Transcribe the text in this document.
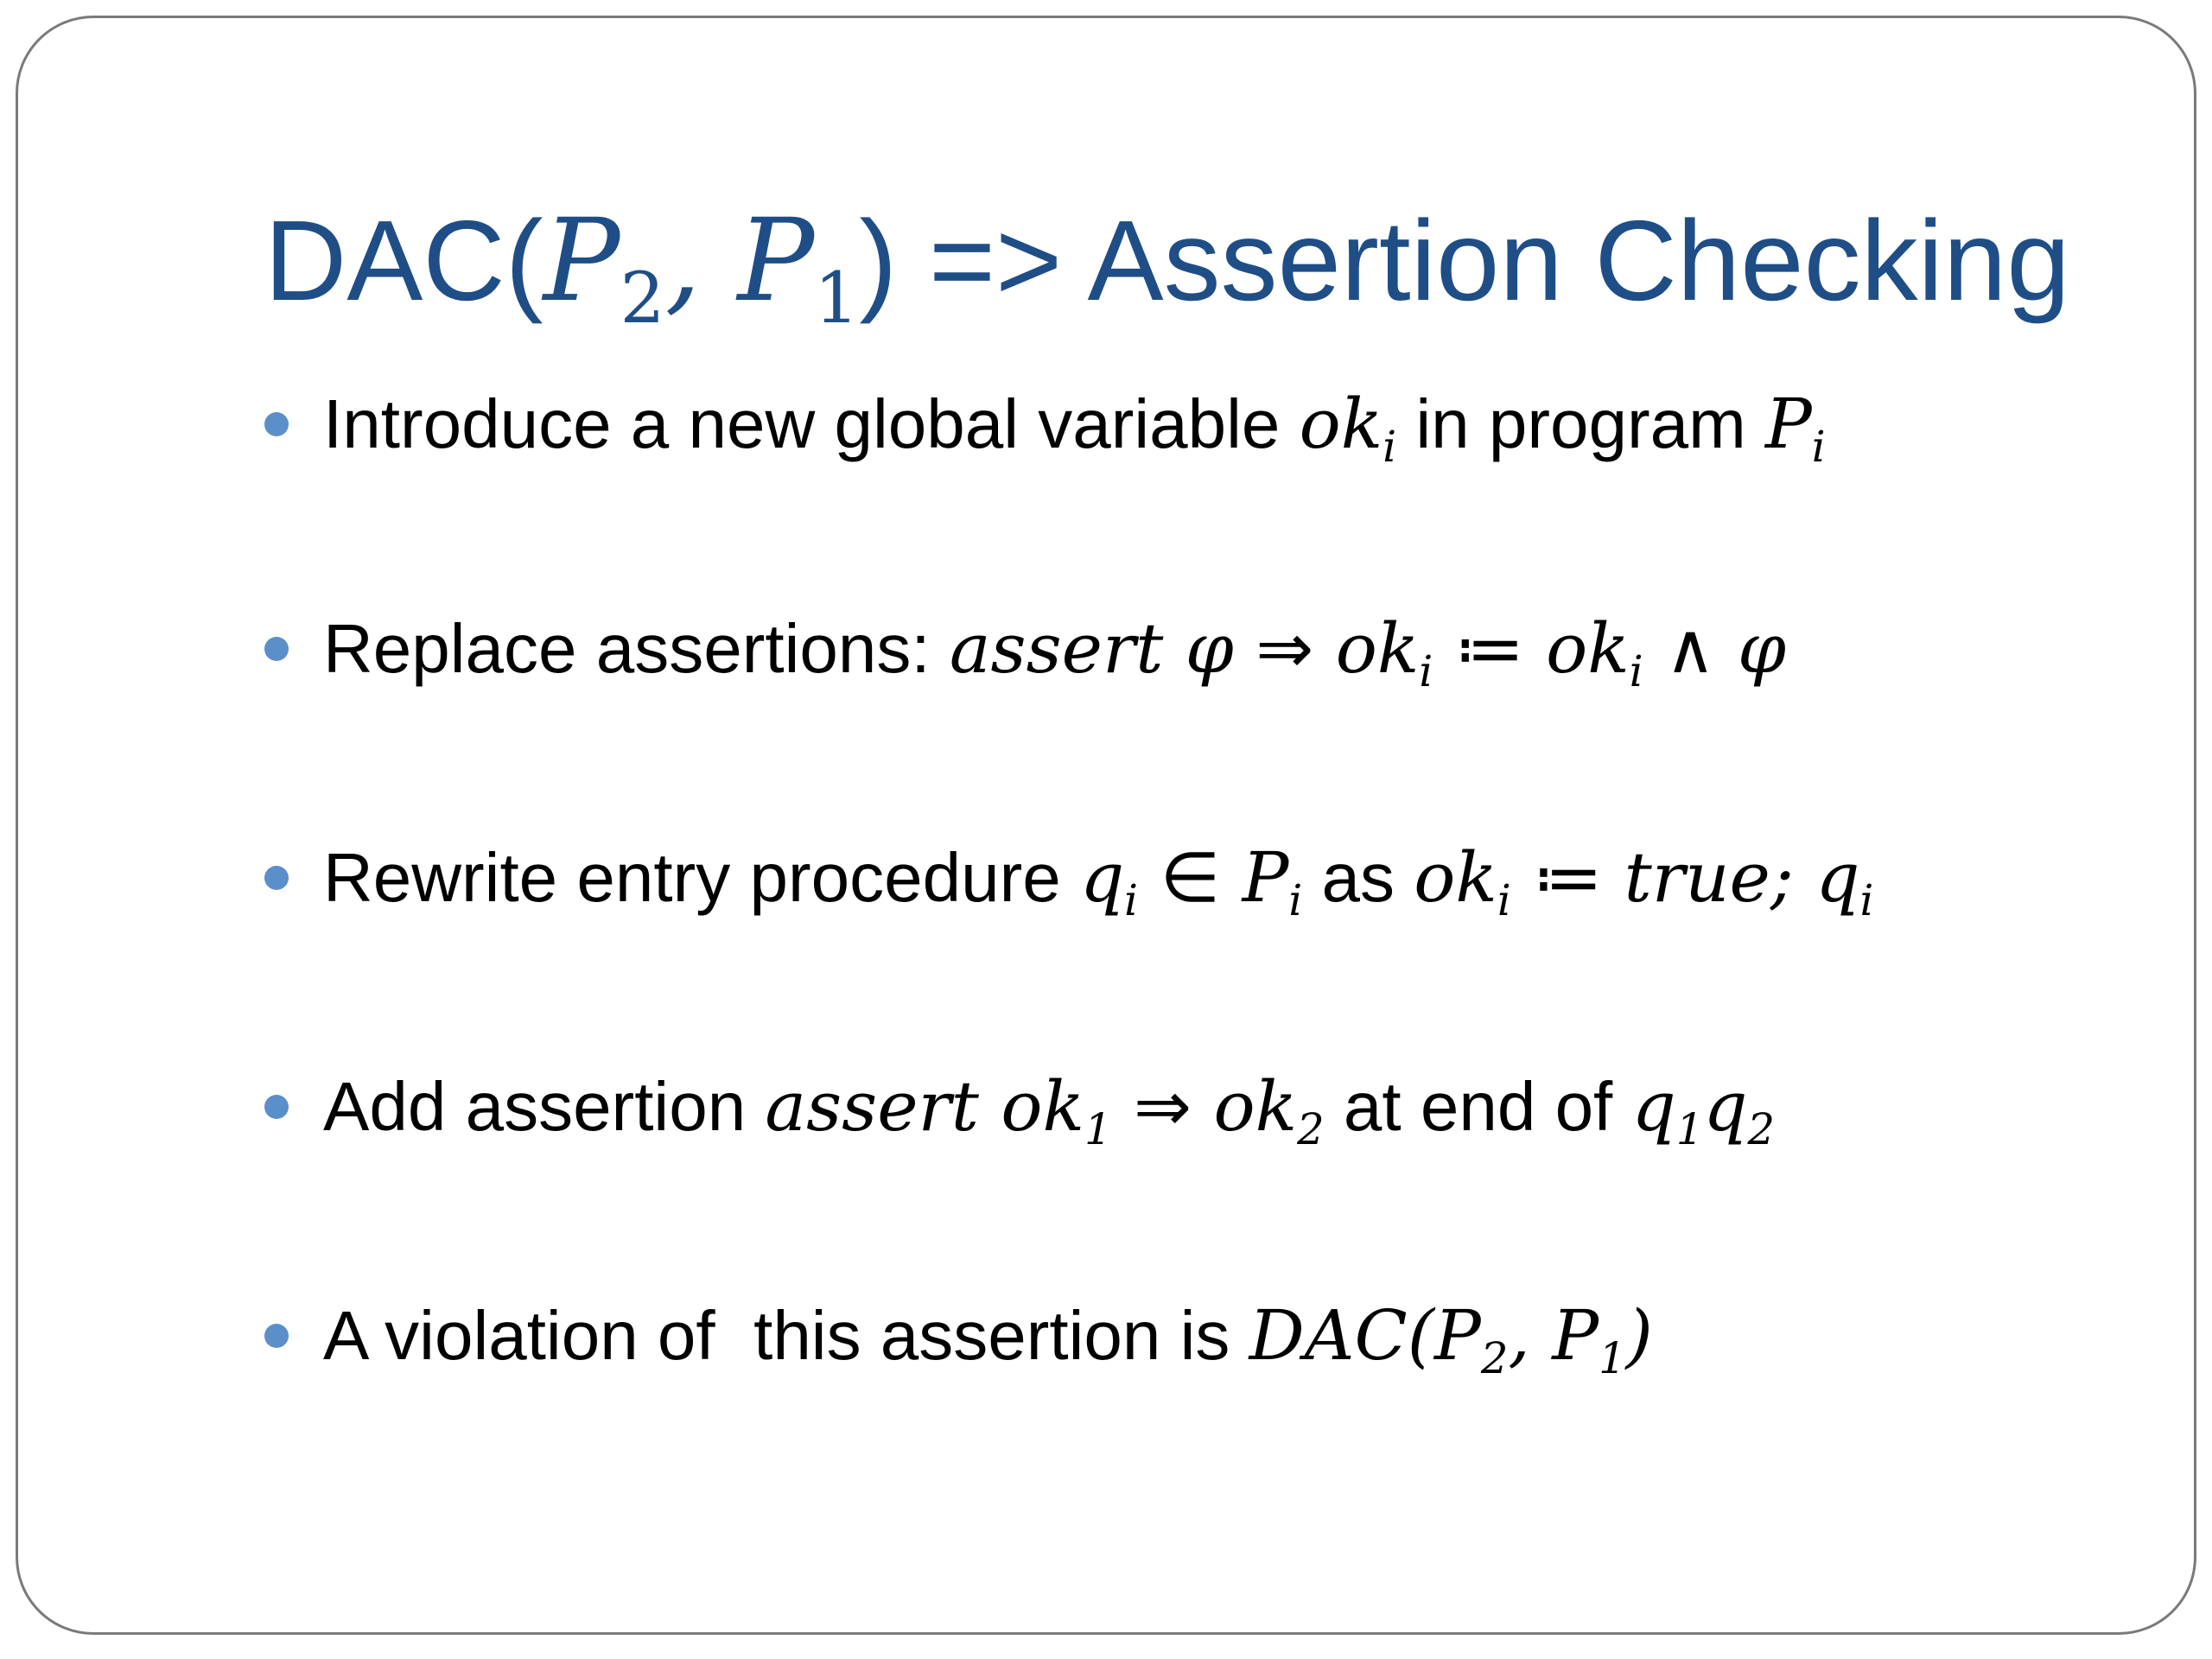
$DAC(P_2$, $P_1$) => Assertion Checking
Introduce a new global variable $ok_i$ in program $P_i$
Replace assertions: assert φ ⇒ $ok_i$ ≔ $ok_i$ ∧ φ
Rewrite entry procedure $q_i$ ∈ $P_i$ as $ok_i$ ≔ true; $q_i$
Add assertion assert $ok_1$ ⇒ $ok_2$ at end of $q_1q_2$
A violation of  this assertion is $DAC(P_2$, $P_1$)
